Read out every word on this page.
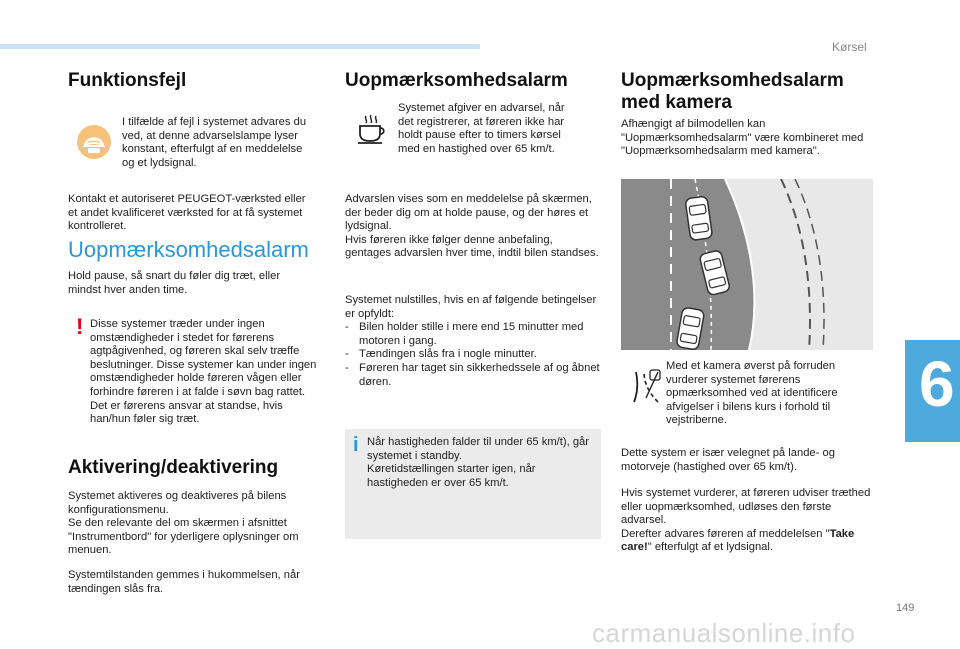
Kørsel
6
149
carmanualsonline.info
Funktionsfejl
I tilfælde af fejl i systemet advares du ved, at denne advarselslampe lyser konstant, efterfulgt af en meddelelse og et lydsignal.
Kontakt et autoriseret PEUGEOT-værksted eller et andet kvalificeret værksted for at få systemet kontrolleret.
Uopmærksomhedsalarm
Hold pause, så snart du føler dig træt, eller mindst hver anden time.
! Disse systemer træder under ingen omstændigheder i stedet for førerens agtpågivenhed, og føreren skal selv træffe beslutninger. Disse systemer kan under ingen omstændigheder holde føreren vågen eller forhindre føreren i at falde i søvn bag rattet.
Det er førerens ansvar at standse, hvis han/hun føler sig træt.
Aktivering/deaktivering
Systemet aktiveres og deaktiveres på bilens konfigurationsmenu.
Se den relevante del om skærmen i afsnittet "Instrumentbord" for yderligere oplysninger om menuen.
Systemtilstanden gemmes i hukommelsen, når tændingen slås fra.
Uopmærksomhedsalarm
Systemet afgiver en advarsel, når det registrerer, at føreren ikke har holdt pause efter to timers kørsel med en hastighed over 65 km/t.
Advarslen vises som en meddelelse på skærmen, der beder dig om at holde pause, og der høres et lydsignal.
Hvis føreren ikke følger denne anbefaling, gentages advarslen hver time, indtil bilen standses.
Systemet nulstilles, hvis en af følgende betingelser er opfyldt:
- Bilen holder stille i mere end 15 minutter med motoren i gang.
- Tændingen slås fra i nogle minutter.
- Føreren har taget sin sikkerhedssele af og åbnet døren.
i Når hastigheden falder til under 65 km/t), går systemet i standby.
Køretidstællingen starter igen, når hastigheden er over 65 km/t.
Uopmærksomhedsalarm med kamera
Afhængigt af bilmodellen kan "Uopmærksomhedsalarm" være kombineret med "Uopmærksomhedsalarm med kamera".
Med et kamera øverst på forruden vurderer systemet førerens opmærksomhed ved at identificere afvigelser i bilens kurs i forhold til vejstriberne.
Dette system er især velegnet på lande- og motorveje (hastighed over 65 km/t).
Hvis systemet vurderer, at føreren udviser træthed eller uopmærksomhed, udløses den første advarsel.
Derefter advares føreren af meddelelsen "Take care!" efterfulgt af et lydsignal.
